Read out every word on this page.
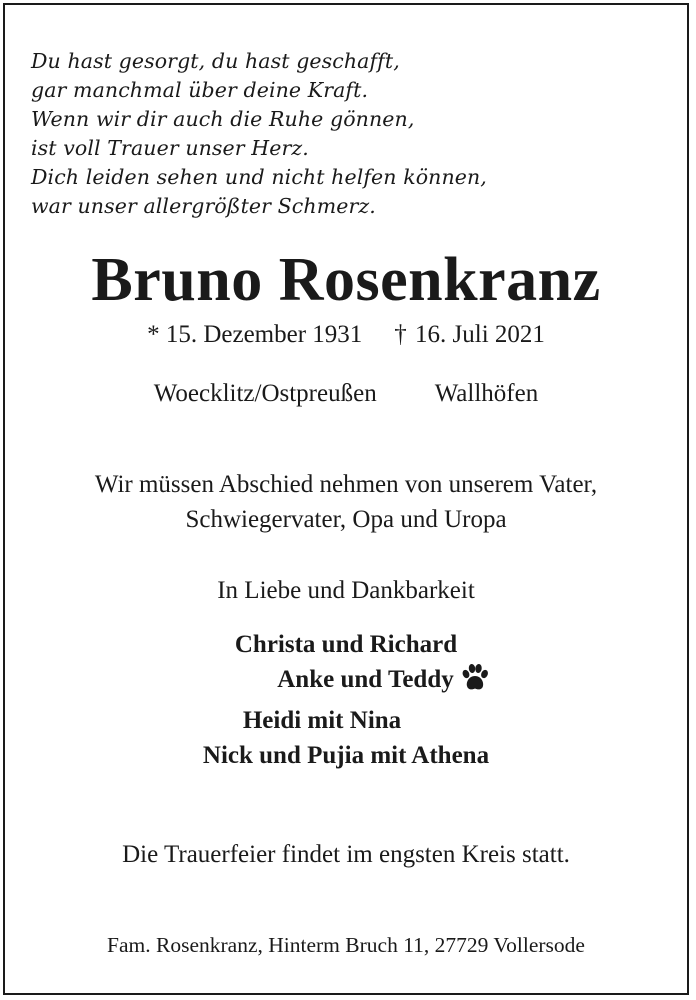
Du hast gesorgt, du hast geschafft,
gar manchmal über deine Kraft.
Wenn wir dir auch die Ruhe gönnen,
ist voll Trauer unser Herz.
Dich leiden sehen und nicht helfen können,
war unser allergrößter Schmerz.
Bruno Rosenkranz
* 15. Dezember 1931 † 16. Juli 2021
Woecklitz/Ostpreußen Wallhöfen
Wir müssen Abschied nehmen von unserem Vater,
Schwiegervater, Opa und Uropa
In Liebe und Dankbarkeit
Christa und Richard
Anke und Teddy
Heidi mit Nina
Nick und Pujia mit Athena
Die Trauerfeier findet im engsten Kreis statt.
Fam. Rosenkranz, Hinterm Bruch 11, 27729 Vollersode
